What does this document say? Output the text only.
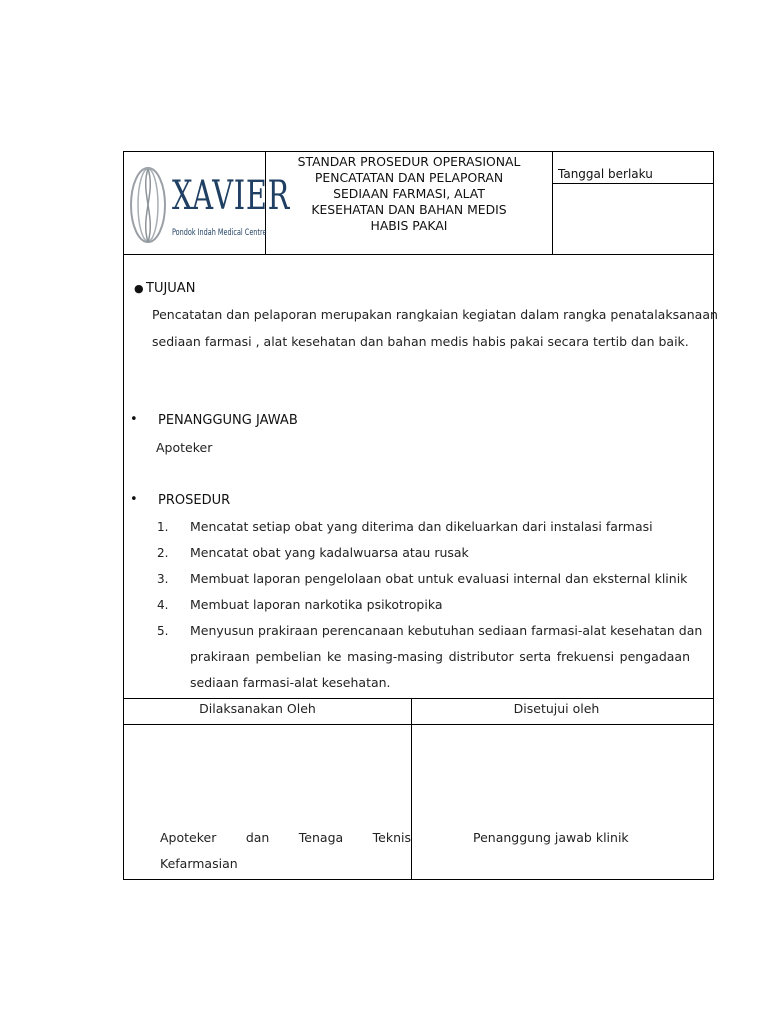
XAVIER
Pondok Indah Medical Centre
STANDAR PROSEDUR OPERASIONAL
PENCATATAN DAN PELAPORAN
SEDIAAN FARMASI, ALAT
KESEHATAN DAN BAHAN MEDIS
HABIS PAKAI
Tanggal berlaku
● TUJUAN
Pencatatan dan pelaporan merupakan rangkaian kegiatan dalam rangka penatalaksanaan
sediaan farmasi , alat kesehatan dan bahan medis habis pakai secara tertib dan baik.
• PENANGGUNG JAWAB
Apoteker
• PROSEDUR
1. Mencatat setiap obat yang diterima dan dikeluarkan dari instalasi farmasi
2. Mencatat obat yang kadalwuarsa atau rusak
3. Membuat laporan pengelolaan obat untuk evaluasi internal dan eksternal klinik
4. Membuat laporan narkotika psikotropika
5. Menyusun prakiraan perencanaan kebutuhan sediaan farmasi-alat kesehatan dan
prakiraan pembelian ke masing-masing distributor serta frekuensi pengadaan
sediaan farmasi-alat kesehatan.
Dilaksanakan Oleh	Disetujui oleh
Apoteker dan Tenaga Teknis
Kefarmasian
Penanggung jawab klinik
